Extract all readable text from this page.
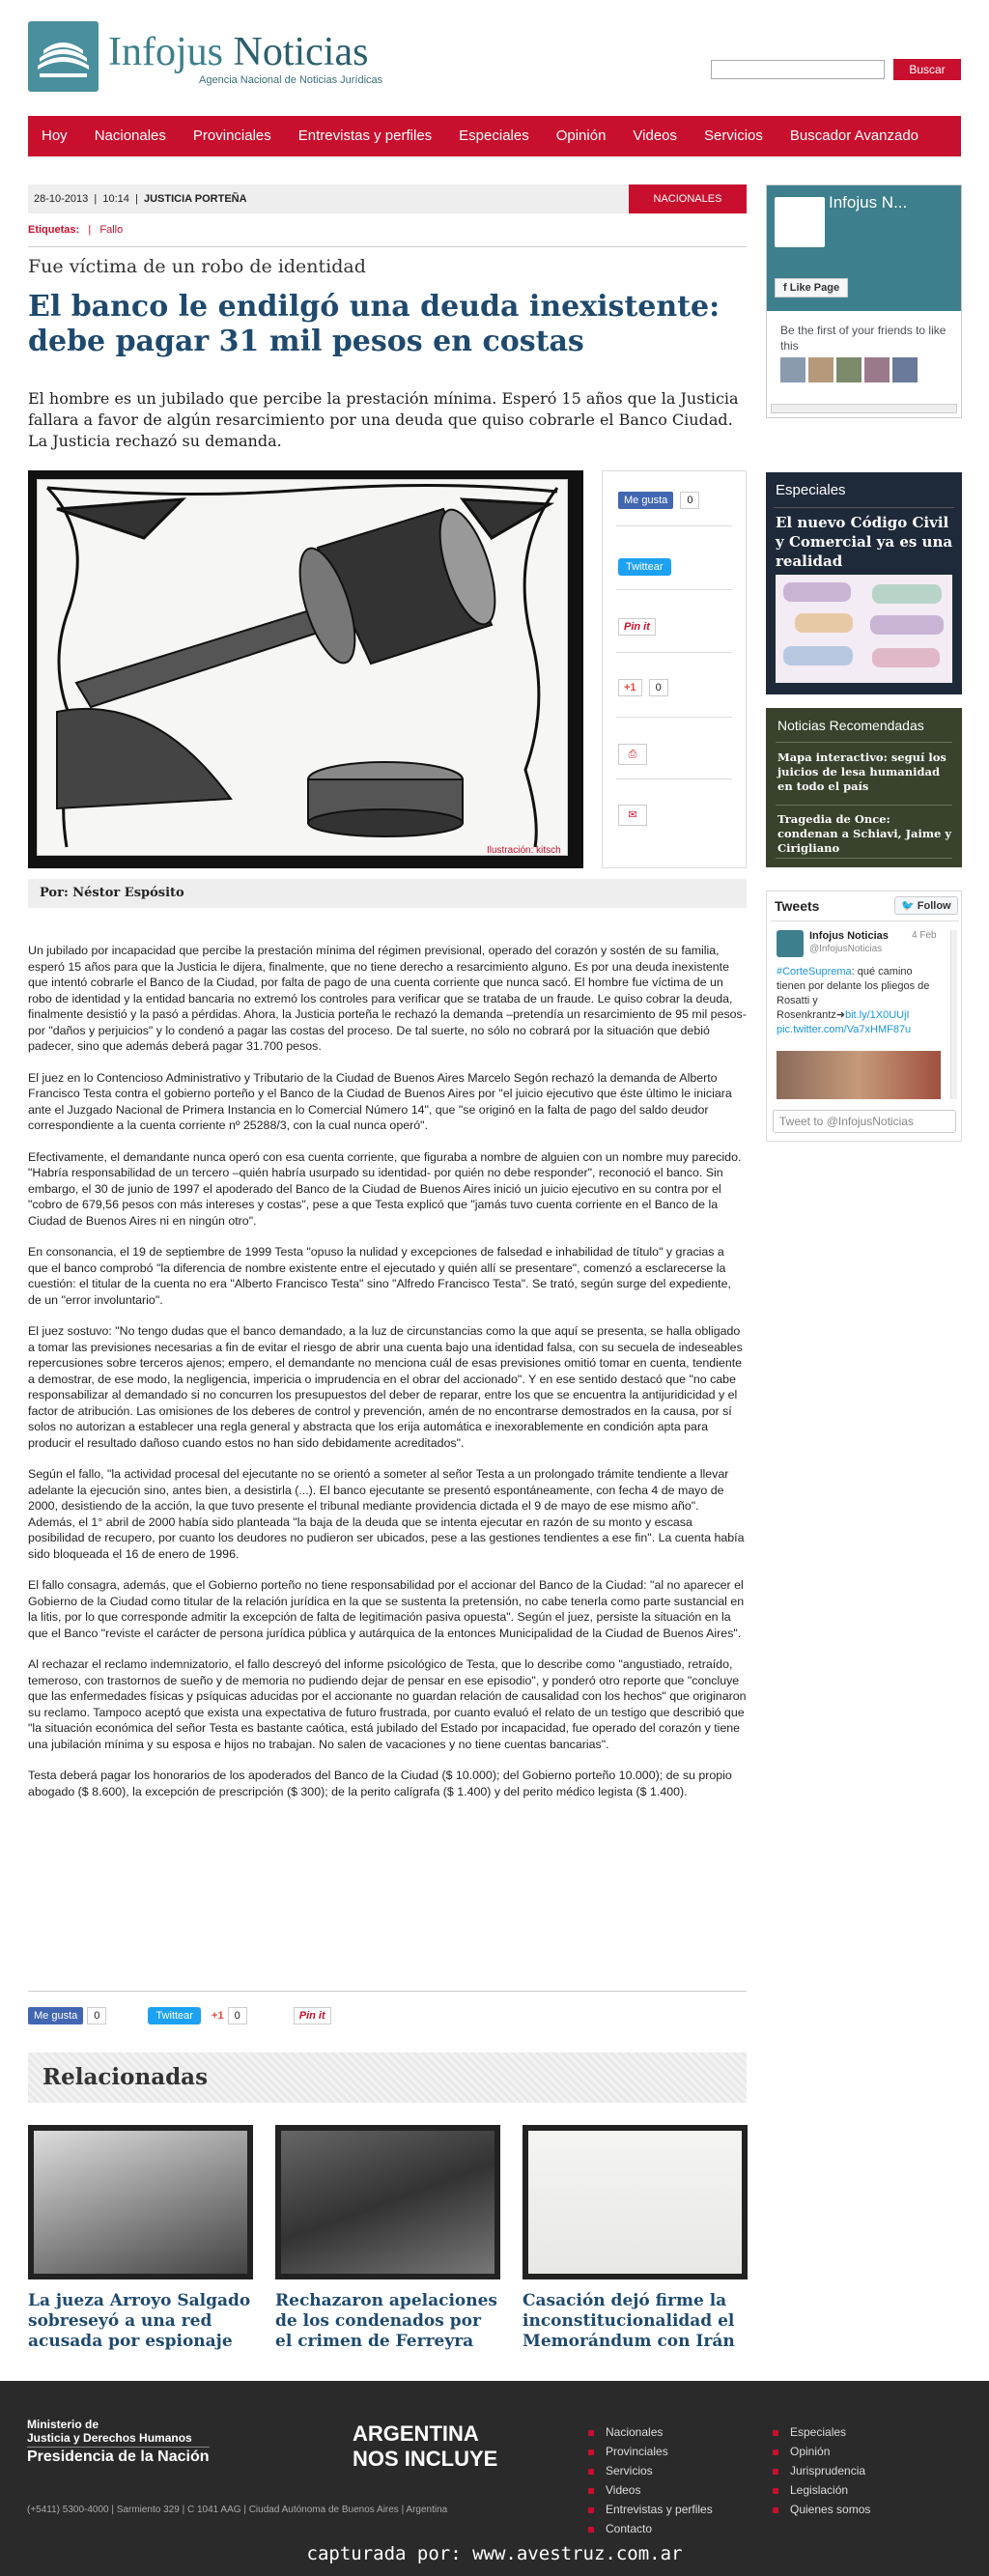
Infojus Noticias
Agencia Nacional de Noticias Jurídicas
Buscar
Hoy	Nacionales	Provinciales	Entrevistas y perfiles	Especiales	Opinión	Videos	Servicios	Buscador Avanzado
28-10-2013  |  10:14  |  JUSTICIA PORTEÑA	NACIONALES
Etiquetas:   |   Fallo
Fue víctima de un robo de identidad
El banco le endilgó una deuda inexistente: debe pagar 31 mil pesos en costas
El hombre es un jubilado que percibe la prestación mínima. Esperó 15 años que la Justicia fallara a favor de algún resarcimiento por una deuda que quiso cobrarle el Banco Ciudad. La Justicia rechazó su demanda.
Ilustración: kitsch
Me gusta 0
Twittear
Pin it
+1 0
⎙
✉
Por: Néstor Espósito

Un jubilado por incapacidad que percibe la prestación mínima del régimen previsional, operado del corazón y sostén de su familia, esperó 15 años para que la Justicia le dijera, finalmente, que no tiene derecho a resarcimiento alguno. Es por una deuda inexistente que intentó cobrarle el Banco de la Ciudad, por falta de pago de una cuenta corriente que nunca sacó. El hombre fue víctima de un robo de identidad y la entidad bancaria no extremó los controles para verificar que se trataba de un fraude. Le quiso cobrar la deuda, finalmente desistió y la pasó a pérdidas. Ahora, la Justicia porteña le rechazó la demanda –pretendía un resarcimiento de 95 mil pesos- por "daños y perjuicios" y lo condenó a pagar las costas del proceso. De tal suerte, no sólo no cobrará por la situación que debió padecer, sino que además deberá pagar 31.700 pesos.

El juez en lo Contencioso Administrativo y Tributario de la Ciudad de Buenos Aires Marcelo Segón rechazó la demanda de Alberto Francisco Testa contra el gobierno porteño y el Banco de la Ciudad de Buenos Aires por "el juicio ejecutivo que éste último le iniciara ante el Juzgado Nacional de Primera Instancia en lo Comercial Número 14", que "se originó en la falta de pago del saldo deudor correspondiente a la cuenta corriente nº 25288/3, con la cual nunca operó".

Efectivamente, el demandante nunca operó con esa cuenta corriente, que figuraba a nombre de alguien con un nombre muy parecido. "Habría responsabilidad de un tercero –quién habría usurpado su identidad- por quién no debe responder", reconoció el banco. Sin embargo, el 30 de junio de 1997 el apoderado del Banco de la Ciudad de Buenos Aires inició un juicio ejecutivo en su contra por el "cobro de 679,56 pesos con más intereses y costas", pese a que Testa explicó que "jamás tuvo cuenta corriente en el Banco de la Ciudad de Buenos Aires ni en ningún otro".

En consonancia, el 19 de septiembre de 1999 Testa "opuso la nulidad y excepciones de falsedad e inhabilidad de título" y gracias a que el banco comprobó "la diferencia de nombre existente entre el ejecutado y quién allí se presentare", comenzó a esclarecerse la cuestión: el titular de la cuenta no era "Alberto Francisco Testa" sino "Alfredo Francisco Testa". Se trató, según surge del expediente, de un "error involuntario".

El juez sostuvo: "No tengo dudas que el banco demandado, a la luz de circunstancias como la que aquí se presenta, se halla obligado a tomar las previsiones necesarias a fin de evitar el riesgo de abrir una cuenta bajo una identidad falsa, con su secuela de indeseables repercusiones sobre terceros ajenos; empero, el demandante no menciona cuál de esas previsiones omitió tomar en cuenta, tendiente a demostrar, de ese modo, la negligencia, impericia o imprudencia en el obrar del accionado". Y en ese sentido destacó que "no cabe responsabilizar al demandado si no concurren los presupuestos del deber de reparar, entre los que se encuentra la antijuridicidad y el factor de atribución. Las omisiones de los deberes de control y prevención, amén de no encontrarse demostrados en la causa, por sí solos no autorizan a establecer una regla general y abstracta que los erija automática e inexorablemente en condición apta para producir el resultado dañoso cuando estos no han sido debidamente acreditados".

Según el fallo, "la actividad procesal del ejecutante no se orientó a someter al señor Testa a un prolongado trámite tendiente a llevar adelante la ejecución sino, antes bien, a desistirla (...). El banco ejecutante se presentó espontáneamente, con fecha 4 de mayo de 2000, desistiendo de la acción, la que tuvo presente el tribunal mediante providencia dictada el 9 de mayo de ese mismo año". Además, el 1° abril de 2000 había sido planteada "la baja de la deuda que se intenta ejecutar en razón de su monto y escasa posibilidad de recupero, por cuanto los deudores no pudieron ser ubicados, pese a las gestiones tendientes a ese fin". La cuenta había sido bloqueada el 16 de enero de 1996.

El fallo consagra, además, que el Gobierno porteño no tiene responsabilidad por el accionar del Banco de la Ciudad: "al no aparecer el Gobierno de la Ciudad como titular de la relación jurídica en la que se sustenta la pretensión, no cabe tenerla como parte sustancial en la litis, por lo que corresponde admitir la excepción de falta de legitimación pasiva opuesta". Según el juez, persiste la situación en la que el Banco "reviste el carácter de persona jurídica pública y autárquica de la entonces Municipalidad de la Ciudad de Buenos Aires".

Al rechazar el reclamo indemnizatorio, el fallo descreyó del informe psicológico de Testa, que lo describe como "angustiado, retraído, temeroso, con trastornos de sueño y de memoria no pudiendo dejar de pensar en ese episodio", y ponderó otro reporte que "concluye que las enfermedades físicas y psíquicas aducidas por el accionante no guardan relación de causalidad con los hechos" que originaron su reclamo. Tampoco aceptó que exista una expectativa de futuro frustrada, por cuanto evaluó el relato de un testigo que describió que "la situación económica del señor Testa es bastante caótica, está jubilado del Estado por incapacidad, fue operado del corazón y tiene una jubilación mínima y su esposa e hijos no trabajan. No salen de vacaciones y no tiene cuentas bancarias".

Testa deberá pagar los honorarios de los apoderados del Banco de la Ciudad ($ 10.000); del Gobierno porteño 10.000); de su propio abogado ($ 8.600), la excepción de prescripción ($ 300); de la perito calígrafa ($ 1.400) y del perito médico legista ($ 1.400).

Me gusta 0	Twittear +1 0	Pin it
Relacionadas
La jueza Arroyo Salgado sobreseyó a una red acusada por espionaje
Rechazaron apelaciones de los condenados por el crimen de Ferreyra
Casación dejó firme la inconstitucionalidad el Memorándum con Irán
Infojus N...
f Like Page
Be the first of your friends to like this
Especiales
El nuevo Código Civil y Comercial ya es una realidad
Noticias Recomendadas
Mapa interactivo: seguí los juicios de lesa humanidad en todo el país
Tragedia de Once: condenan a Schiavi, Jaime y Cirigliano
Tweets	🐦 Follow
Infojus Noticias 4 Feb
@InfojusNoticias
#CorteSuprema: qué camino tienen por delante los pliegos de Rosatti y Rosenkrantz➜bit.ly/1X0UUjI pic.twitter.com/Va7xHMF87u
Tweet to @InfojusNoticias
Ministerio de
Justicia y Derechos Humanos
Presidencia de la Nación
ARGENTINA
NOS INCLUYE
(+5411) 5300-4000 | Sarmiento 329 | C 1041 AAG | Ciudad Autónoma de Buenos Aires | Argentina
Nacionales
Provinciales
Servicios
Videos
Entrevistas y perfiles
Contacto
Especiales
Opinión
Jurisprudencia
Legislación
Quienes somos
capturada por: www.avestruz.com.ar
